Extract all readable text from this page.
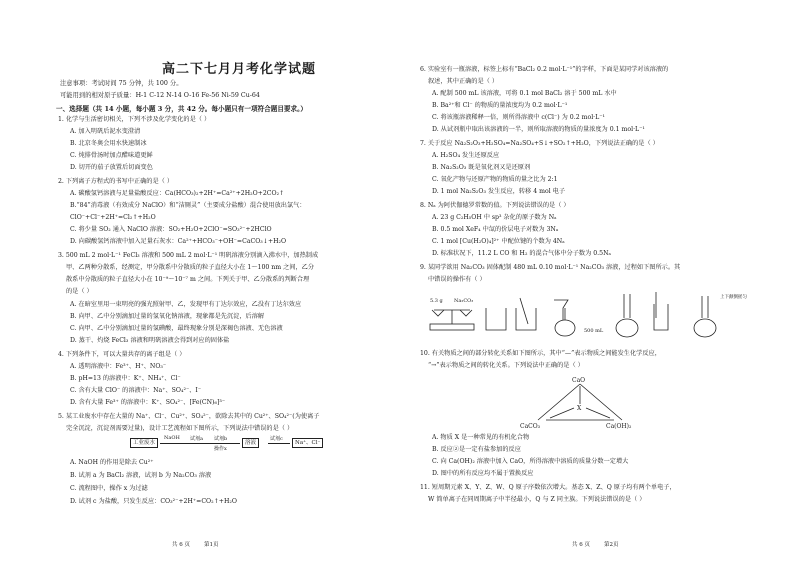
高二下七月月考化学试题
注意事项：考试时间 75 分钟，共 100 分。
可能用到的相对原子质量：H-1 C-12 N-14 O-16 Fe-56 Ni-59 Cu-64
一、选择题（共 14 小题，每小题 3 分，共 42 分。每小题只有一项符合题目要求。）
1. 化学与生活密切相关，下列不涉及化学变化的是（ ）
A. 加入明矾后泥水变澄清
B. 北京冬奥会用水快速制冰
C. 炖排骨汤时加点醋味道更鲜
D. 切开的茄子放置后切面变色
2. 下列离子方程式的书写中正确的是（ ）
A. 碳酸氢钙溶液与足量盐酸反应：Ca(HCO₃)₂+2H⁺=Ca²⁺+2H₂O+2CO₂↑
B.“84”消毒液（有效成分 NaClO）和“洁厕灵”（主要成分盐酸）混合使用放出氯气：
ClO⁻+Cl⁻+2H⁺=Cl₂↑+H₂O
C. 将少量 SO₂ 通入 NaClO 溶液：SO₂+H₂O+2ClO⁻=SO₃²⁻+2HClO
D. 向碳酸氢钙溶液中加入足量石灰水：Ca²⁺+HCO₃⁻+OH⁻=CaCO₃↓+H₂O
3. 500 mL 2 mol·L⁻¹ FeCl₃ 溶液和 500 mL 2 mol·L⁻¹ 明矾溶液分别滴入沸水中，加热制成
甲、乙两种分散系，经测定，甲分散系中分散质的粒子直径大小在 1～100 nm 之间，乙分
散系中分散质的粒子直径大小在 10⁻⁹～10⁻⁷ m 之间。下列关于甲、乙分散系的判断合理
的是（ ）
A. 在暗室里用一束明亮的强光照射甲、乙，发现甲有丁达尔效应，乙没有丁达尔效应
B. 向甲、乙中分别滴加过量的氢氧化钠溶液，现象都是先沉淀，后溶解
C. 向甲、乙中分别滴加过量的氢碘酸，最终现象分别是深褐色溶液、无色溶液
D. 蒸干、灼烧 FeCl₃ 溶液和明矾溶液会得到对应的固体盐
4. 下列条件下，可以大量共存的离子组是（ ）
A. 透明溶液中：Fe³⁺、H⁺、NO₃⁻
B. pH=13 的溶液中：K⁺、NH₄⁺、Cl⁻
C. 含有大量 ClO⁻ 的溶液中：Na⁺、SO₄²⁻、I⁻
D. 含有大量 Fe³⁺ 的溶液中：K⁺、SO₄²⁻、[Fe(CN)₆]³⁻
5. 某工业废水中存在大量的 Na⁺、Cl⁻、Cu²⁺、SO₄²⁻，欲除去其中的 Cu²⁺、SO₄²⁻(为使离子
完全沉淀，沉淀剂需要过量)，设计工艺流程如下图所示，下列说法中错误的是（ ）
工业废水
NaOH 试剂a 试剂b
操作x
溶液
试剂c
Na⁺、Cl⁻
A. NaOH 的作用是除去 Cu²⁺
B. 试剂 a 为 BaCl₂ 溶液，试剂 b 为 Na₂CO₃ 溶液
C. 流程图中，操作 x 为过滤
D. 试剂 c 为盐酸，只发生反应：CO₃²⁻+2H⁺=CO₂↑+H₂O
共 6 页	第1页
6. 实验室有一瓶溶液，标签上标有“BaCl₂ 0.2 mol·L⁻¹”的字样，下面是某同学对该溶液的
叙述，其中正确的是（ ）
A. 配制 500 mL 该溶液，可将 0.1 mol BaCl₂ 溶于 500 mL 水中
B. Ba²⁺和 Cl⁻ 的物质的量浓度均为 0.2 mol·L⁻¹
C. 将该瓶溶液稀释一倍，则所得溶液中 c(Cl⁻) 为 0.2 mol·L⁻¹
D. 从试剂瓶中取出该溶液的一半，则所取溶液的物质的量浓度为 0.1 mol·L⁻¹
7. 关于反应 Na₂S₂O₃+H₂SO₄=Na₂SO₄+S↓+SO₂↑+H₂O，下列说法正确的是（ ）
A. H₂SO₄ 发生还原反应
B. Na₂S₂O₃ 既是氧化剂又是还原剂
C. 氧化产物与还原产物的物质的量之比为 2:1
D. 1 mol Na₂S₂O₃ 发生反应，转移 4 mol 电子
8. Nₐ 为阿伏伽德罗常数的值。下列说法错误的是（ ）
A. 23 g C₂H₅OH 中 sp³ 杂化的原子数为 Nₐ
B. 0.5 mol XeF₄ 中氙的价层电子对数为 3Nₐ
C. 1 mol [Cu(H₂O)₄]²⁺ 中配位键的个数为 4Nₐ
D. 标准状况下，11.2 L CO 和 H₂ 的混合气体中分子数为 0.5Nₐ
9. 某同学欲用 Na₂CO₃ 固体配制 480 mL 0.10 mol·L⁻¹ Na₂CO₃ 溶液，过程如下图所示。其
中错误的操作有（ ）
5.3 g Na₂CO₃
500 mL
上下颠倒摇匀
10. 有关物质之间的部分转化关系如下图所示，其中“—”表示物质之间能发生化学反应，
“→”表示物质之间的转化关系。下列说法中正确的是（ ）
CaO
CaCO₃	Ca(OH)₂
X
A. 物质 X 是一种常见的有机化合物
B. 反应②是一定有盐参加的反应
C. 向 Ca(OH)₂ 溶液中加入 CaO，所得溶液中溶质的质量分数一定增大
D. 图中的所有反应均不属于置换反应
11. 短周期元素 X、Y、Z、W、Q 原子序数依次增大。基态 X、Z、Q 原子均有两个单电子，
W 简单离子在同周期离子中半径最小，Q 与 Z 同主族。下列说法错误的是（ ）
共 6 页	第2页
